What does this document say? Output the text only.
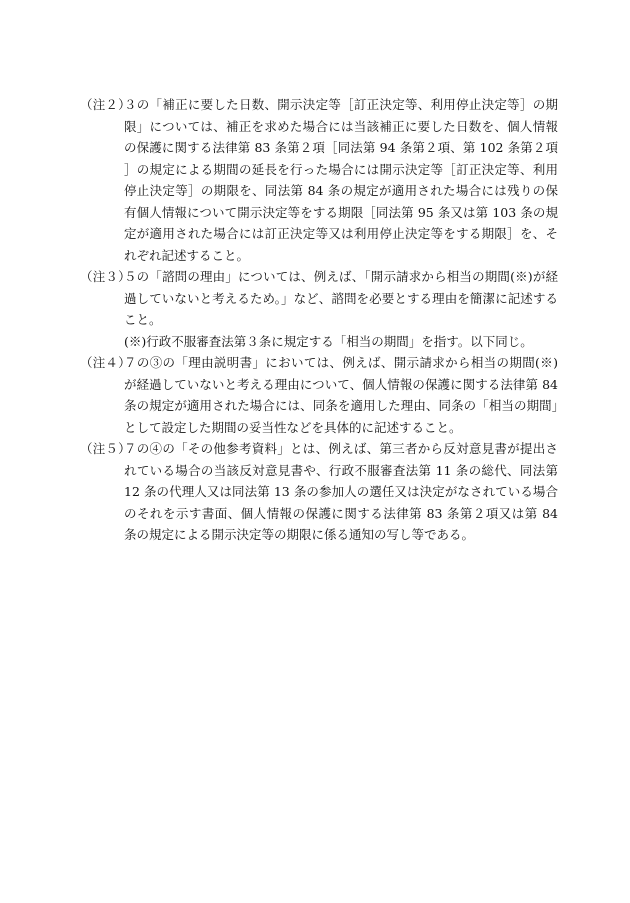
（注２）
３の「補正に要した日数、開示決定等［訂正決定等、利用停止決定等］の期限」については、補正を求めた場合には当該補正に要した日数を、個人情報の保護に関する法律第 83 条第２項［同法第 94 条第２項、第 102 条第２項］の規定による期間の延長を行った場合には開示決定等［訂正決定等、利用停止決定等］の期限を、同法第 84 条の規定が適用された場合には残りの保有個人情報について開示決定等をする期限［同法第 95 条又は第 103 条の規定が適用された場合には訂正決定等又は利用停止決定等をする期限］を、それぞれ記述すること。
（注３）
５の「諮問の理由」については、例えば、「開示請求から相当の期間(※)が経過していないと考えるため。」など、諮問を必要とする理由を簡潔に記述すること。
(※)行政不服審査法第３条に規定する「相当の期間」を指す。以下同じ。
（注４）
７の③の「理由説明書」においては、例えば、開示請求から相当の期間(※)が経過していないと考える理由について、個人情報の保護に関する法律第 84 条の規定が適用された場合には、同条を適用した理由、同条の「相当の期間」として設定した期間の妥当性などを具体的に記述すること。
（注５）
７の④の「その他参考資料」とは、例えば、第三者から反対意見書が提出されている場合の当該反対意見書や、行政不服審査法第 11 条の総代、同法第 12 条の代理人又は同法第 13 条の参加人の選任又は決定がなされている場合のそれを示す書面、個人情報の保護に関する法律第 83 条第２項又は第 84 条の規定による開示決定等の期限に係る通知の写し等である。
